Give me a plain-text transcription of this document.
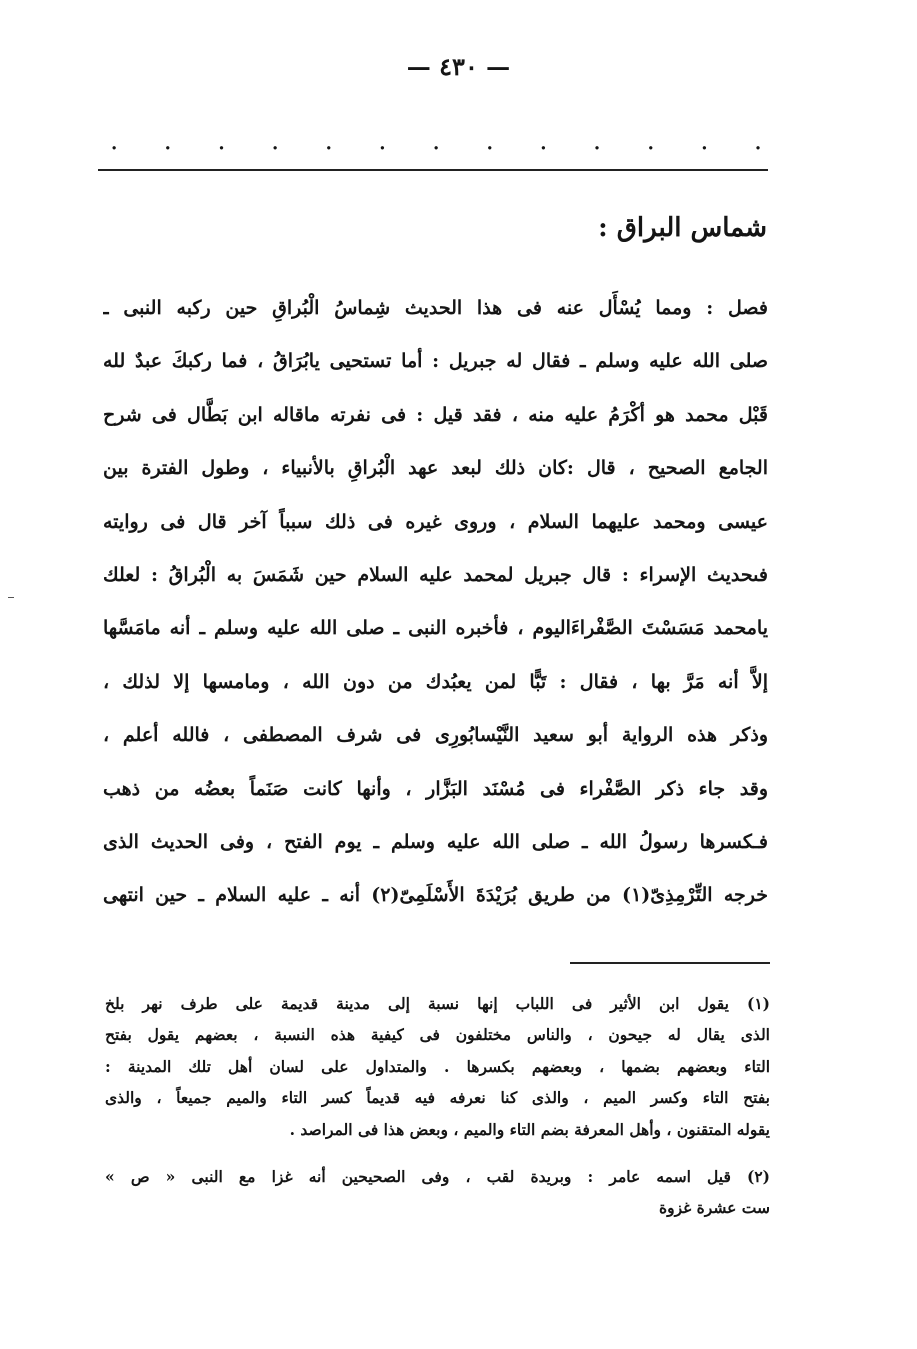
— ٤٣٠ —
. . . . . . . . . . . . .
شماس البراق :
فصل : ومما يُسْأَل عنه فى هذا الحديث شِماسُ الْبُراقِ حين ركبه النبى ـ
صلى الله عليه وسلم ـ فقال له جبريل : أما تستحيى يابُرَاقُ ، فما ركبكَ عبدٌ لله
قَبْل محمد هو أكْرَمُ عليه منه ، فقد قيل : فى نفرته ماقاله ابن بَطَّال فى شرح
الجامع الصحيح ، قال :كان ذلك لبعد عهد الْبُراقِ بالأنبياء ، وطول الفترة بين
عيسى ومحمد عليهما السلام ، وروى غيره فى ذلك سبباً آخر قال فى روايته
فىحديث الإسراء : قال جبريل لمحمد عليه السلام حين شَمَسَ به الْبُراقُ : لعلك
يامحمد مَسَسْتَ الصَّفْراءَاليوم ، فأخبره النبى ـ صلى الله عليه وسلم ـ أنه مامَسَّها
إلاَّ أنه مَرَّ بها ، فقال : تَبًّا لمن يعبُدك من دون الله ، ومامسها إلا لذلك ،
وذكر هذه الرواية أبو سعيد النَّيْسابُورِى فى شرف المصطفى ، فالله أعلم ،
وقد جاء ذكر الصَّفْراء فى مُسْنَد البَزَّار ، وأنها كانت صَنَماً بعضُه من ذهب
فـكسرها رسولُ الله ـ صلى الله عليه وسلم ـ يوم الفتح ، وفى الحديث الذى
خرجه التِّرْمِذِىّ(١) من طريق بُرَيْدَةَ الأَسْلَمِىّ(٢) أنه ـ عليه السلام ـ حين انتهى
(١) يقول ابن الأثير فى اللباب إنها نسبة إلى مدينة قديمة على طرف نهر بلخ
الذى يقال له جيحون ، والناس مختلفون فى كيفية هذه النسبة ، بعضهم يقول بفتح
التاء وبعضهم بضمها ، وبعضهم بكسرها . والمتداول على لسان أهل تلك المدينة :
بفتح التاء وكسر الميم ، والذى كنا نعرفه فيه قديماً كسر التاء والميم جميعاً ، والذى
يقوله المتقنون ، وأهل المعرفة بضم التاء والميم ، وبعض هذا فى المراصد .
(٢) قيل اسمه عامر : وبريدة لقب ، وفى الصحيحين أنه غزا مع النبى « ص »
ست عشرة غزوة
